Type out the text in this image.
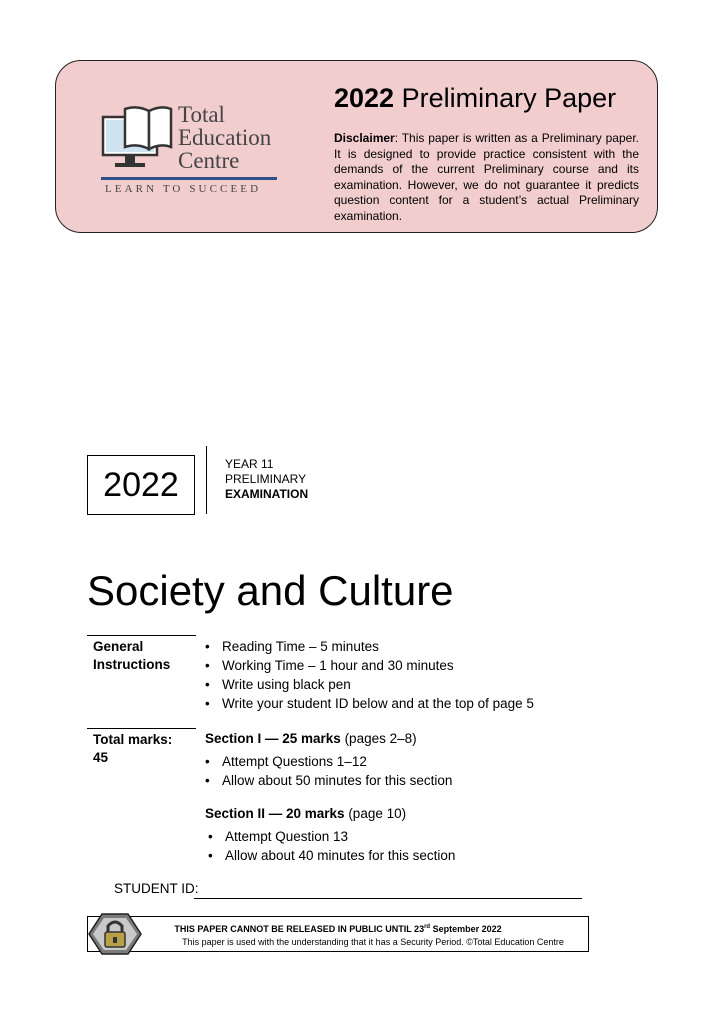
Total
Education
Centre
LEARN TO SUCCEED
2022 Preliminary Paper
Disclaimer: This paper is written as a Preliminary paper. It is designed to provide practice consistent with the demands of the current Preliminary course and its examination. However, we do not guarantee it predicts question content for a student’s actual Preliminary examination.
2022
YEAR 11
PRELIMINARY
EXAMINATION
Society and Culture
General
Instructions
• Reading Time – 5 minutes
• Working Time – 1 hour and 30 minutes
• Write using black pen
• Write your student ID below and at the top of page 5
Total marks:
45
Section I — 25 marks (pages 2–8)
• Attempt Questions 1–12
• Allow about 50 minutes for this section
Section II — 20 marks (page 10)
• Attempt Question 13
• Allow about 40 minutes for this section
STUDENT ID:
THIS PAPER CANNOT BE RELEASED IN PUBLIC UNTIL 23rd September 2022
This paper is used with the understanding that it has a Security Period. ©Total Education Centre
